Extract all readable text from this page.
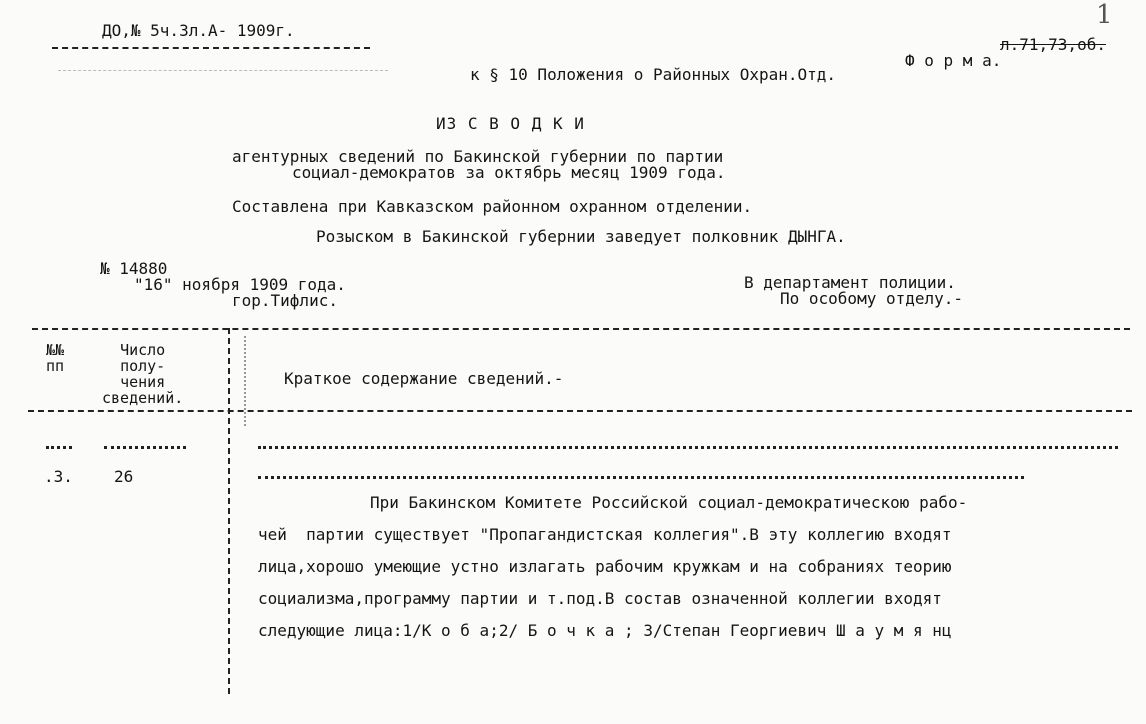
ДО,№ 5ч.3л.А- 1909г.
л.71,73,об.
1
Ф о р м а.
к § 10 Положения о Районных Охран.Отд.
ИЗ С В О Д К И
агентурных сведений по Бакинской губернии по партии
социал-демократов за октябрь месяц 1909 года.
Составлена при Кавказском районном охранном отделении.
Розыском в Бакинской губернии заведует полковник ДЫНГА.
№ 14880
"16" ноября 1909 года.
гор.Тифлис.
В департамент полиции.
По особому отделу.-
№№
пп
Число
полу-
чения
сведений.
Краткое содержание сведений.-
.3.	26
При Бакинском Комитете Российской социал-демократическою рабо-
чей  партии существует "Пропагандистская коллегия".В эту коллегию входят
лица,хорошо умеющие устно излагать рабочим кружкам и на собраниях теорию
социализма,программу партии и т.под.В состав означенной коллегии входят
следующие лица:1/К о б а;2/ Б о ч к а ; 3/Степан Георгиевич Ш а у м я нц
